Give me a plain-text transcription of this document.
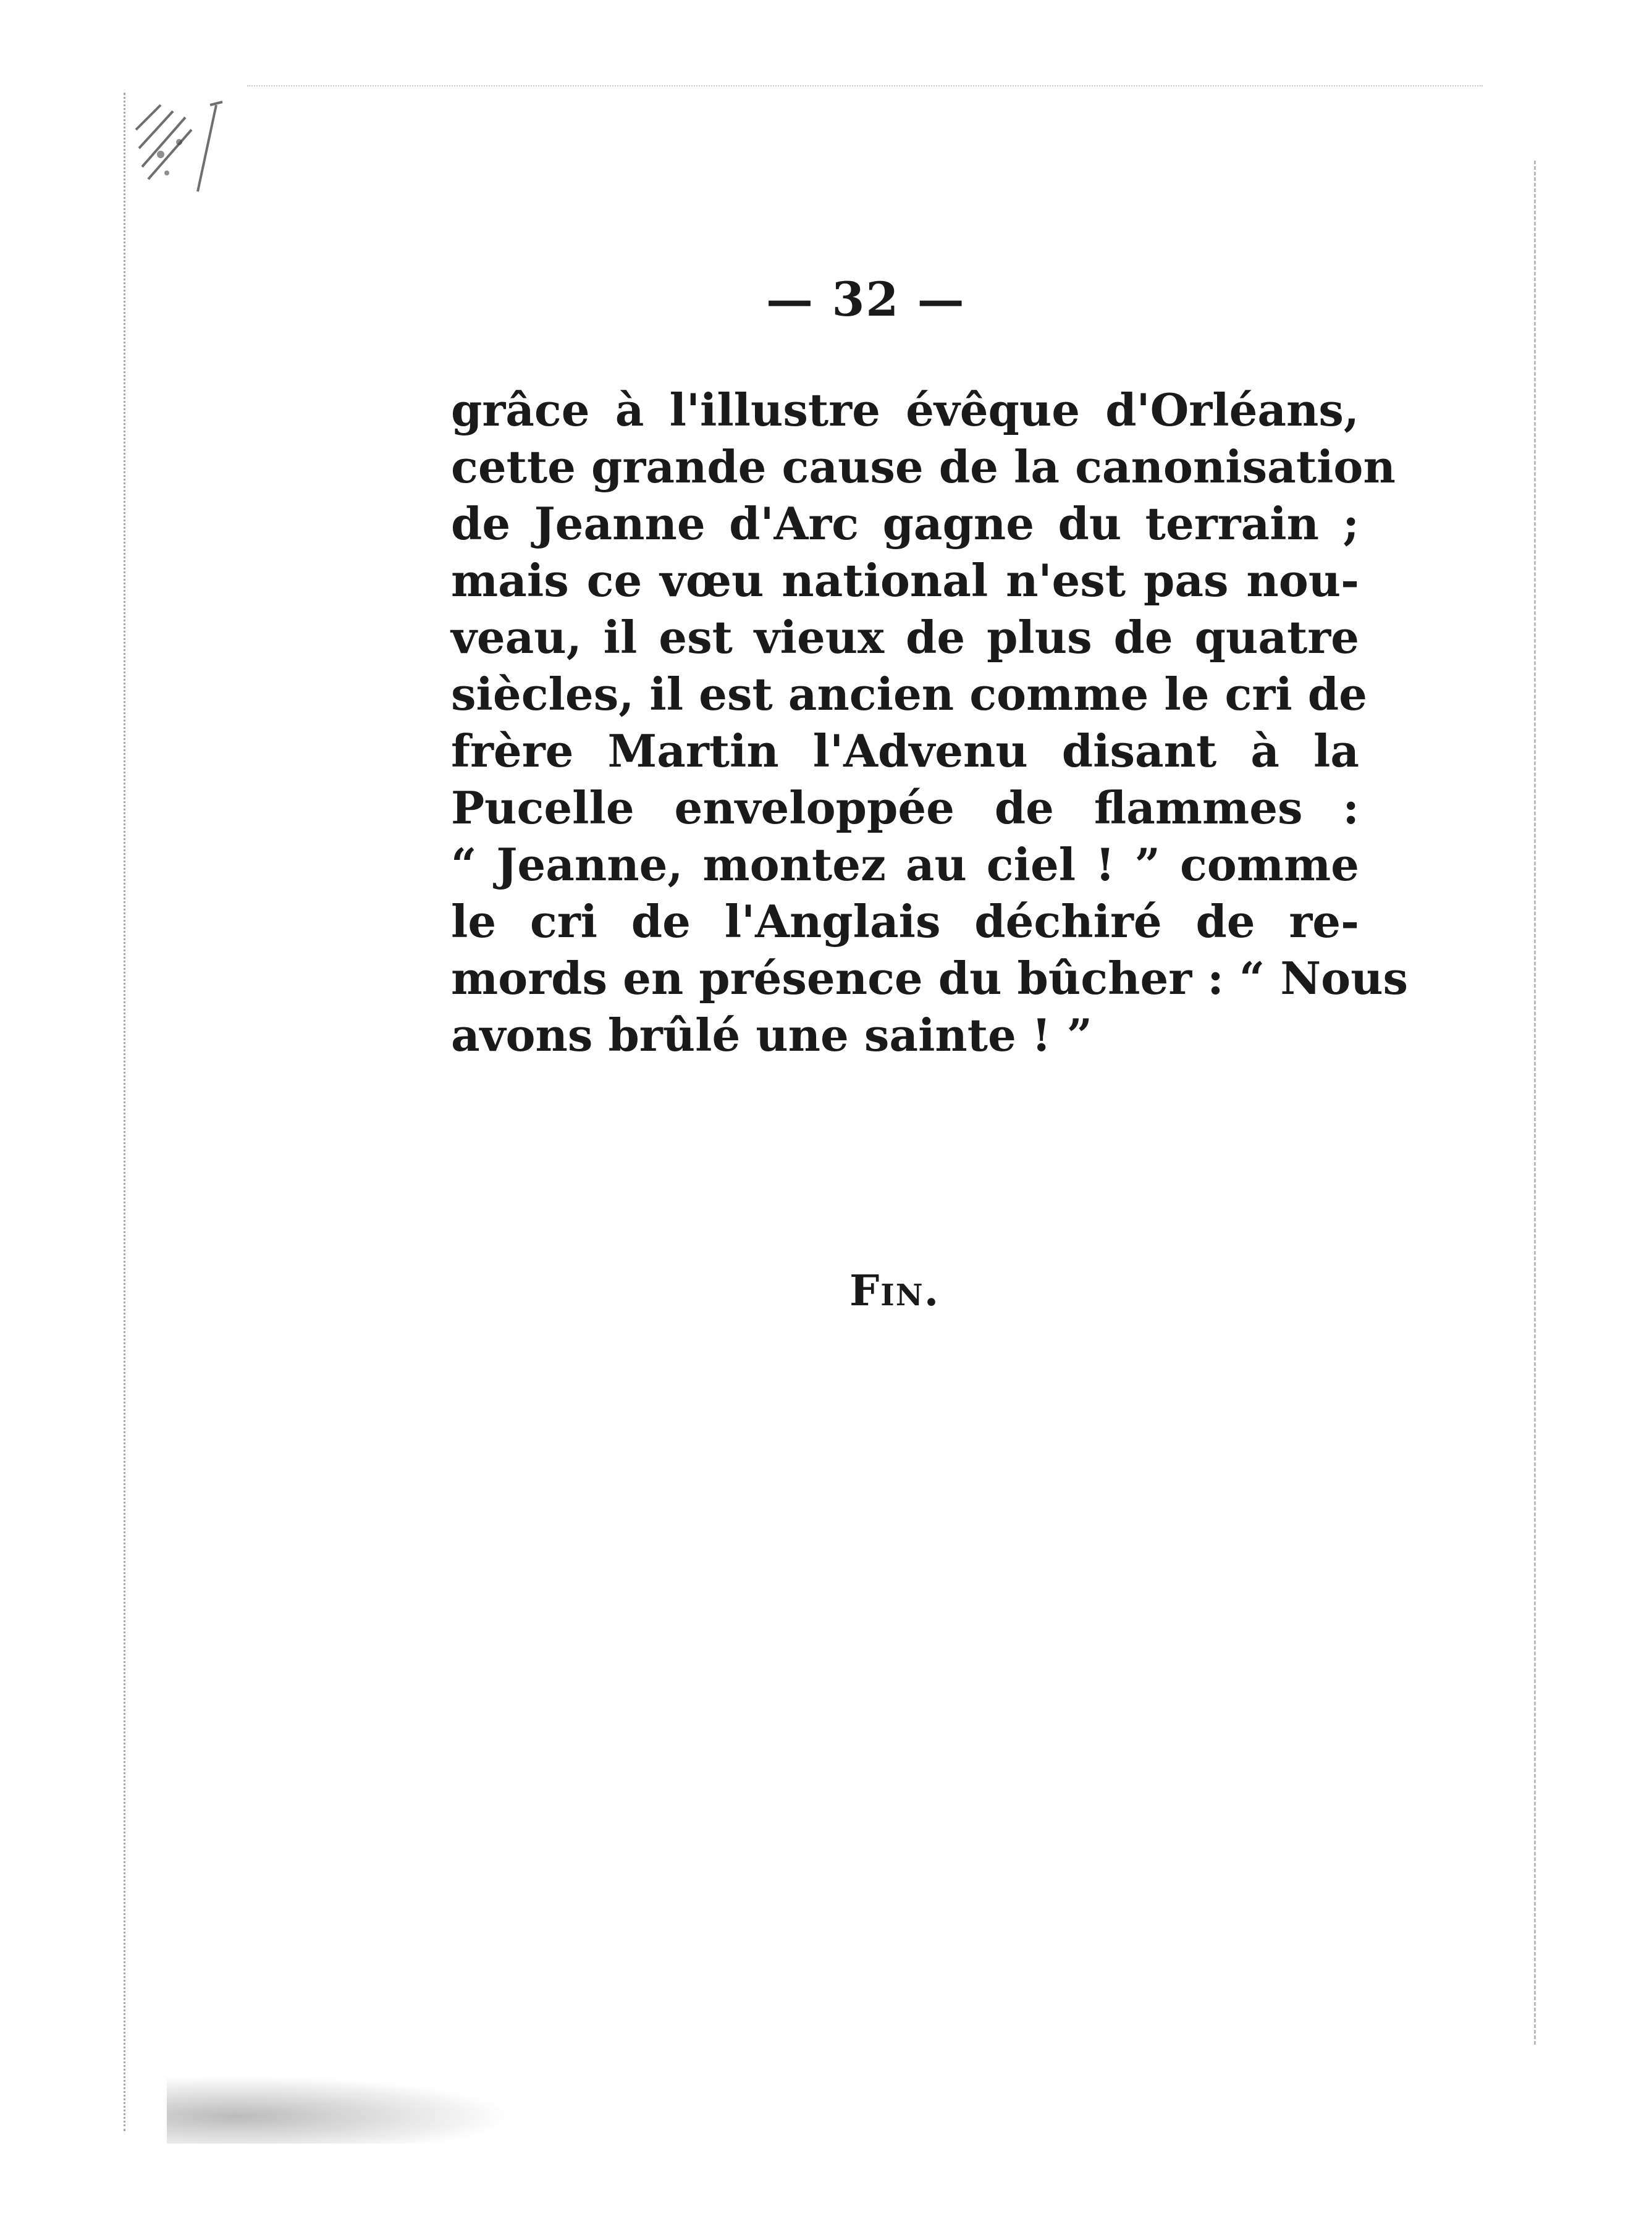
— 32 —
grâce à l'illustre évêque d'Orléans,
cette grande cause de la canonisation
de Jeanne d'Arc gagne du terrain ;
mais ce vœu national n'est pas nou-
veau, il est vieux de plus de quatre
siècles, il est ancien comme le cri de
frère Martin l'Advenu disant à la
Pucelle enveloppée de flammes :
“ Jeanne, montez au ciel ! ” comme
le cri de l'Anglais déchiré de re-
mords en présence du bûcher : “ Nous
avons brûlé une sainte ! ”
Fin.
